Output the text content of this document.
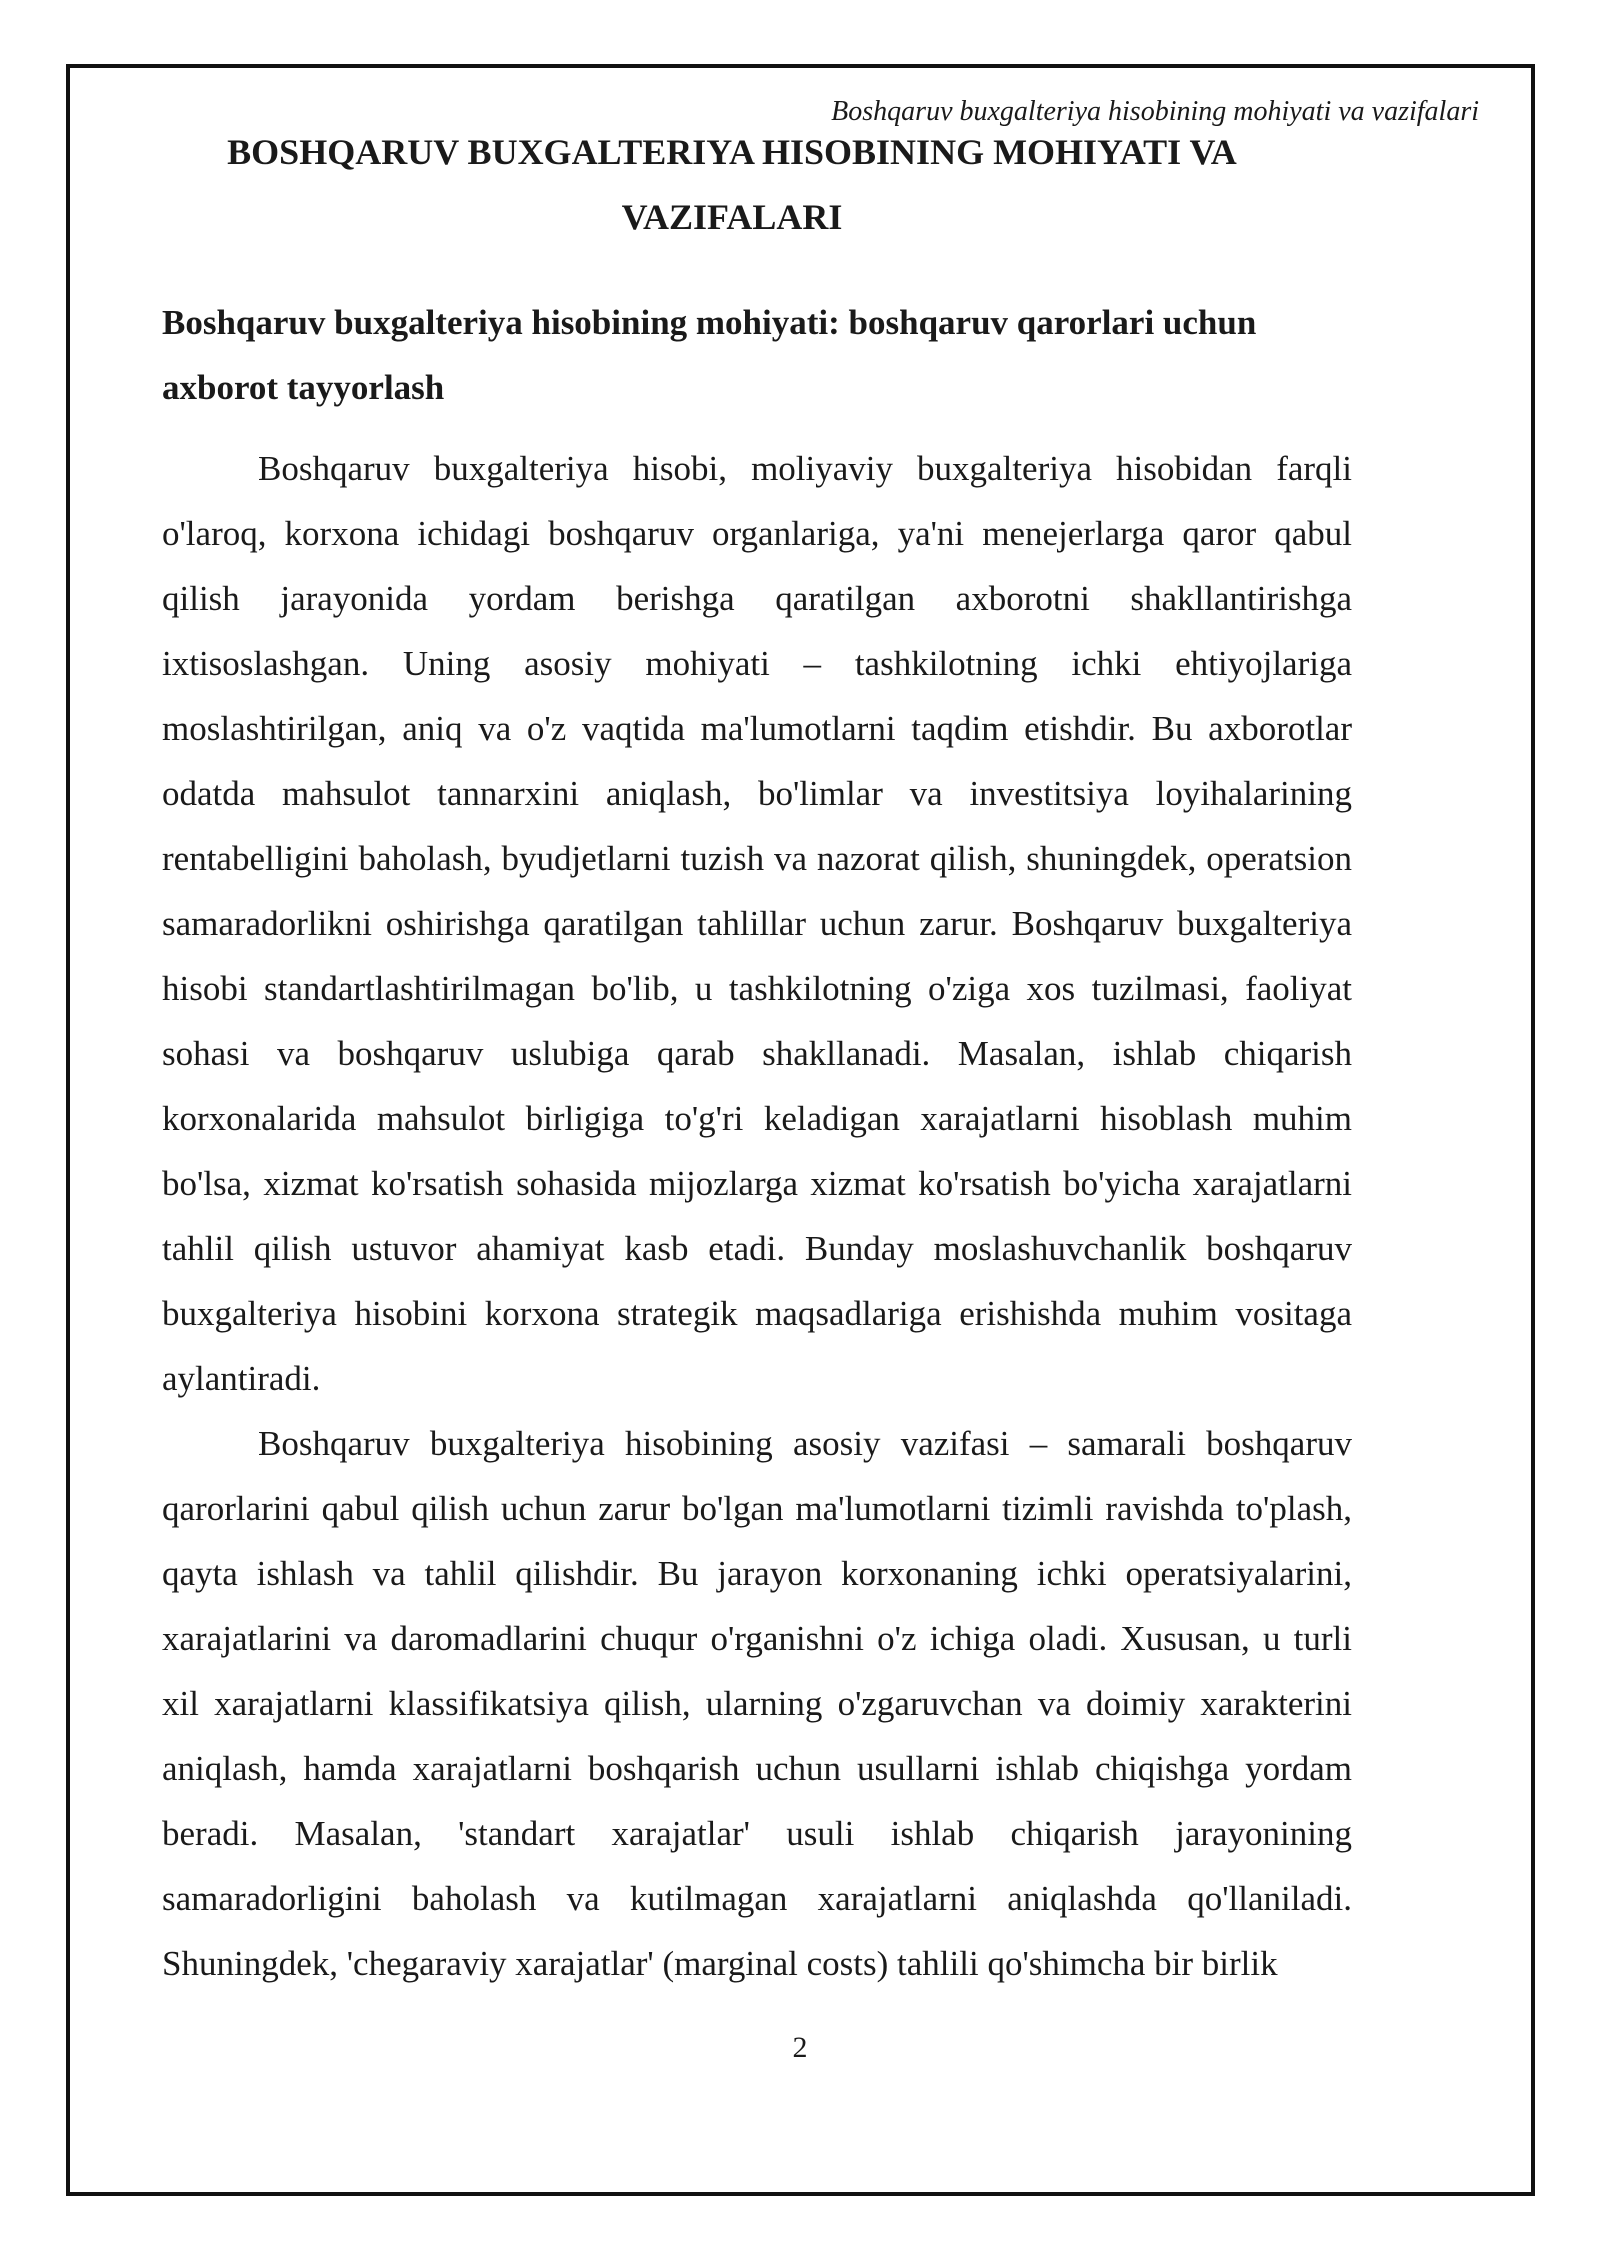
Boshqaruv buxgalteriya hisobining mohiyati va vazifalari
BOSHQARUV BUXGALTERIYA HISOBINING MOHIYATI VA VAZIFALARI
Boshqaruv buxgalteriya hisobining mohiyati: boshqaruv qarorlari uchun axborot tayyorlash

Boshqaruv buxgalteriya hisobi, moliyaviy buxgalteriya hisobidan farqli o'laroq, korxona ichidagi boshqaruv organlariga, ya'ni menejerlarga qaror qabul qilish jarayonida yordam berishga qaratilgan axborotni shakllantirishga ixtisoslashgan. Uning asosiy mohiyati – tashkilotning ichki ehtiyojlariga moslashtirilgan, aniq va o'z vaqtida ma'lumotlarni taqdim etishdir. Bu axborotlar odatda mahsulot tannarxini aniqlash, bo'limlar va investitsiya loyihalarining rentabelligini baholash, byudjetlarni tuzish va nazorat qilish, shuningdek, operatsion samaradorlikni oshirishga qaratilgan tahlillar uchun zarur. Boshqaruv buxgalteriya hisobi standartlashtirilmagan bo'lib, u tashkilotning o'ziga xos tuzilmasi, faoliyat sohasi va boshqaruv uslubiga qarab shakllanadi. Masalan, ishlab chiqarish korxonalarida mahsulot birligiga to'g'ri keladigan xarajatlarni hisoblash muhim bo'lsa, xizmat ko'rsatish sohasida mijozlarga xizmat ko'rsatish bo'yicha xarajatlarni tahlil qilish ustuvor ahamiyat kasb etadi. Bunday moslashuvchanlik boshqaruv buxgalteriya hisobini korxona strategik maqsadlariga erishishda muhim vositaga aylantiradi.

Boshqaruv buxgalteriya hisobining asosiy vazifasi – samarali boshqaruv qarorlarini qabul qilish uchun zarur bo'lgan ma'lumotlarni tizimli ravishda to'plash, qayta ishlash va tahlil qilishdir. Bu jarayon korxonaning ichki operatsiyalarini, xarajatlarini va daromadlarini chuqur o'rganishni o'z ichiga oladi. Xususan, u turli xil xarajatlarni klassifikatsiya qilish, ularning o'zgaruvchan va doimiy xarakterini aniqlash, hamda xarajatlarni boshqarish uchun usullarni ishlab chiqishga yordam beradi. Masalan, 'standart xarajatlar' usuli ishlab chiqarish jarayonining samaradorligini baholash va kutilmagan xarajatlarni aniqlashda qo'llaniladi. Shuningdek, 'chegaraviy xarajatlar' (marginal costs) tahlili qo'shimcha bir birlik

2
